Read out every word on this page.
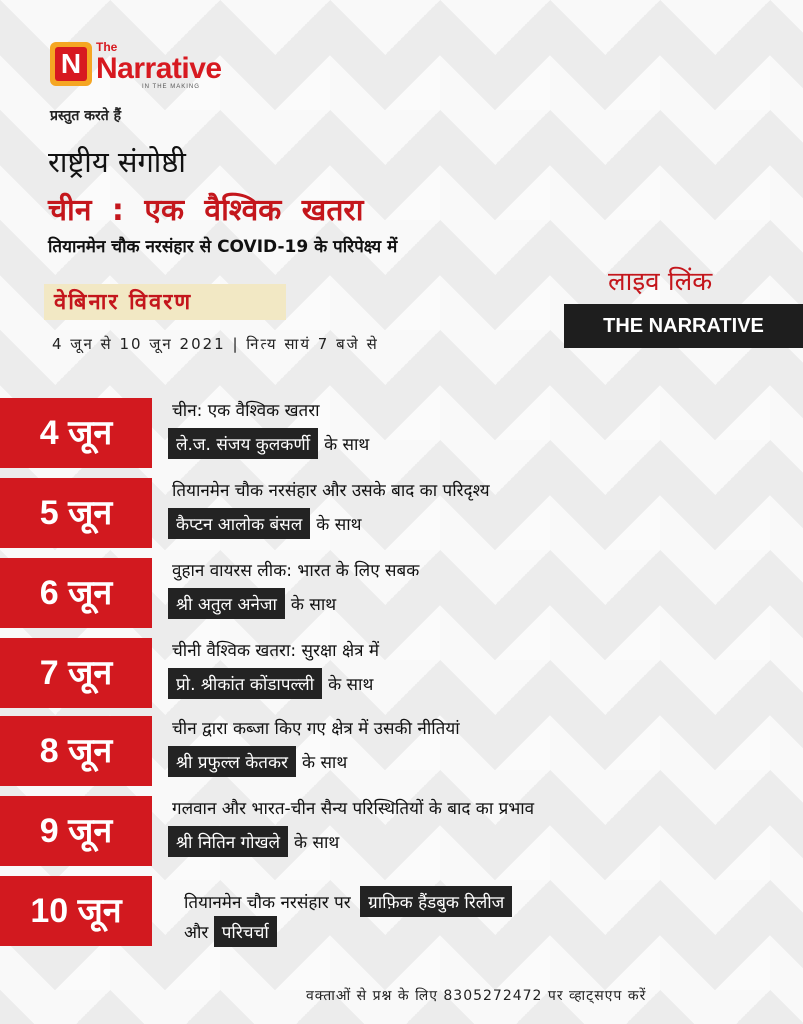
N
The
Narrative
IN THE MAKING
प्रस्तुत करते हैं
राष्ट्रीय संगोष्ठी
चीन : एक वैश्विक खतरा
तियानमेन चौक नरसंहार से COVID-19 के परिपेक्ष्य में
वेबिनार विवरण
4 जून से 10 जून 2021 | नित्य सायं 7 बजे से
लाइव लिंक
THE NARRATIVE
4 जून
चीन: एक वैश्विक खतरा
ले.ज. संजय कुलकर्णी के साथ
5 जून
तियानमेन चौक नरसंहार और उसके बाद का परिदृश्य
कैप्टन आलोक बंसल के साथ
6 जून
वुहान वायरस लीक: भारत के लिए सबक
श्री अतुल अनेजा के साथ
7 जून
चीनी वैश्विक खतरा: सुरक्षा क्षेत्र में
प्रो. श्रीकांत कोंडापल्ली के साथ
8 जून
चीन द्वारा कब्जा किए गए क्षेत्र में उसकी नीतियां
श्री प्रफुल्ल केतकर के साथ
9 जून
गलवान और भारत-चीन सैन्य परिस्थितियों के बाद का प्रभाव
श्री नितिन गोखले के साथ
10 जून	तियानमेन चौक नरसंहार पर ग्राफ़िक हैंडबुक रिलीज
और परिचर्चा
वक्ताओं से प्रश्न के लिए 8305272472 पर व्हाट्सएप करें
